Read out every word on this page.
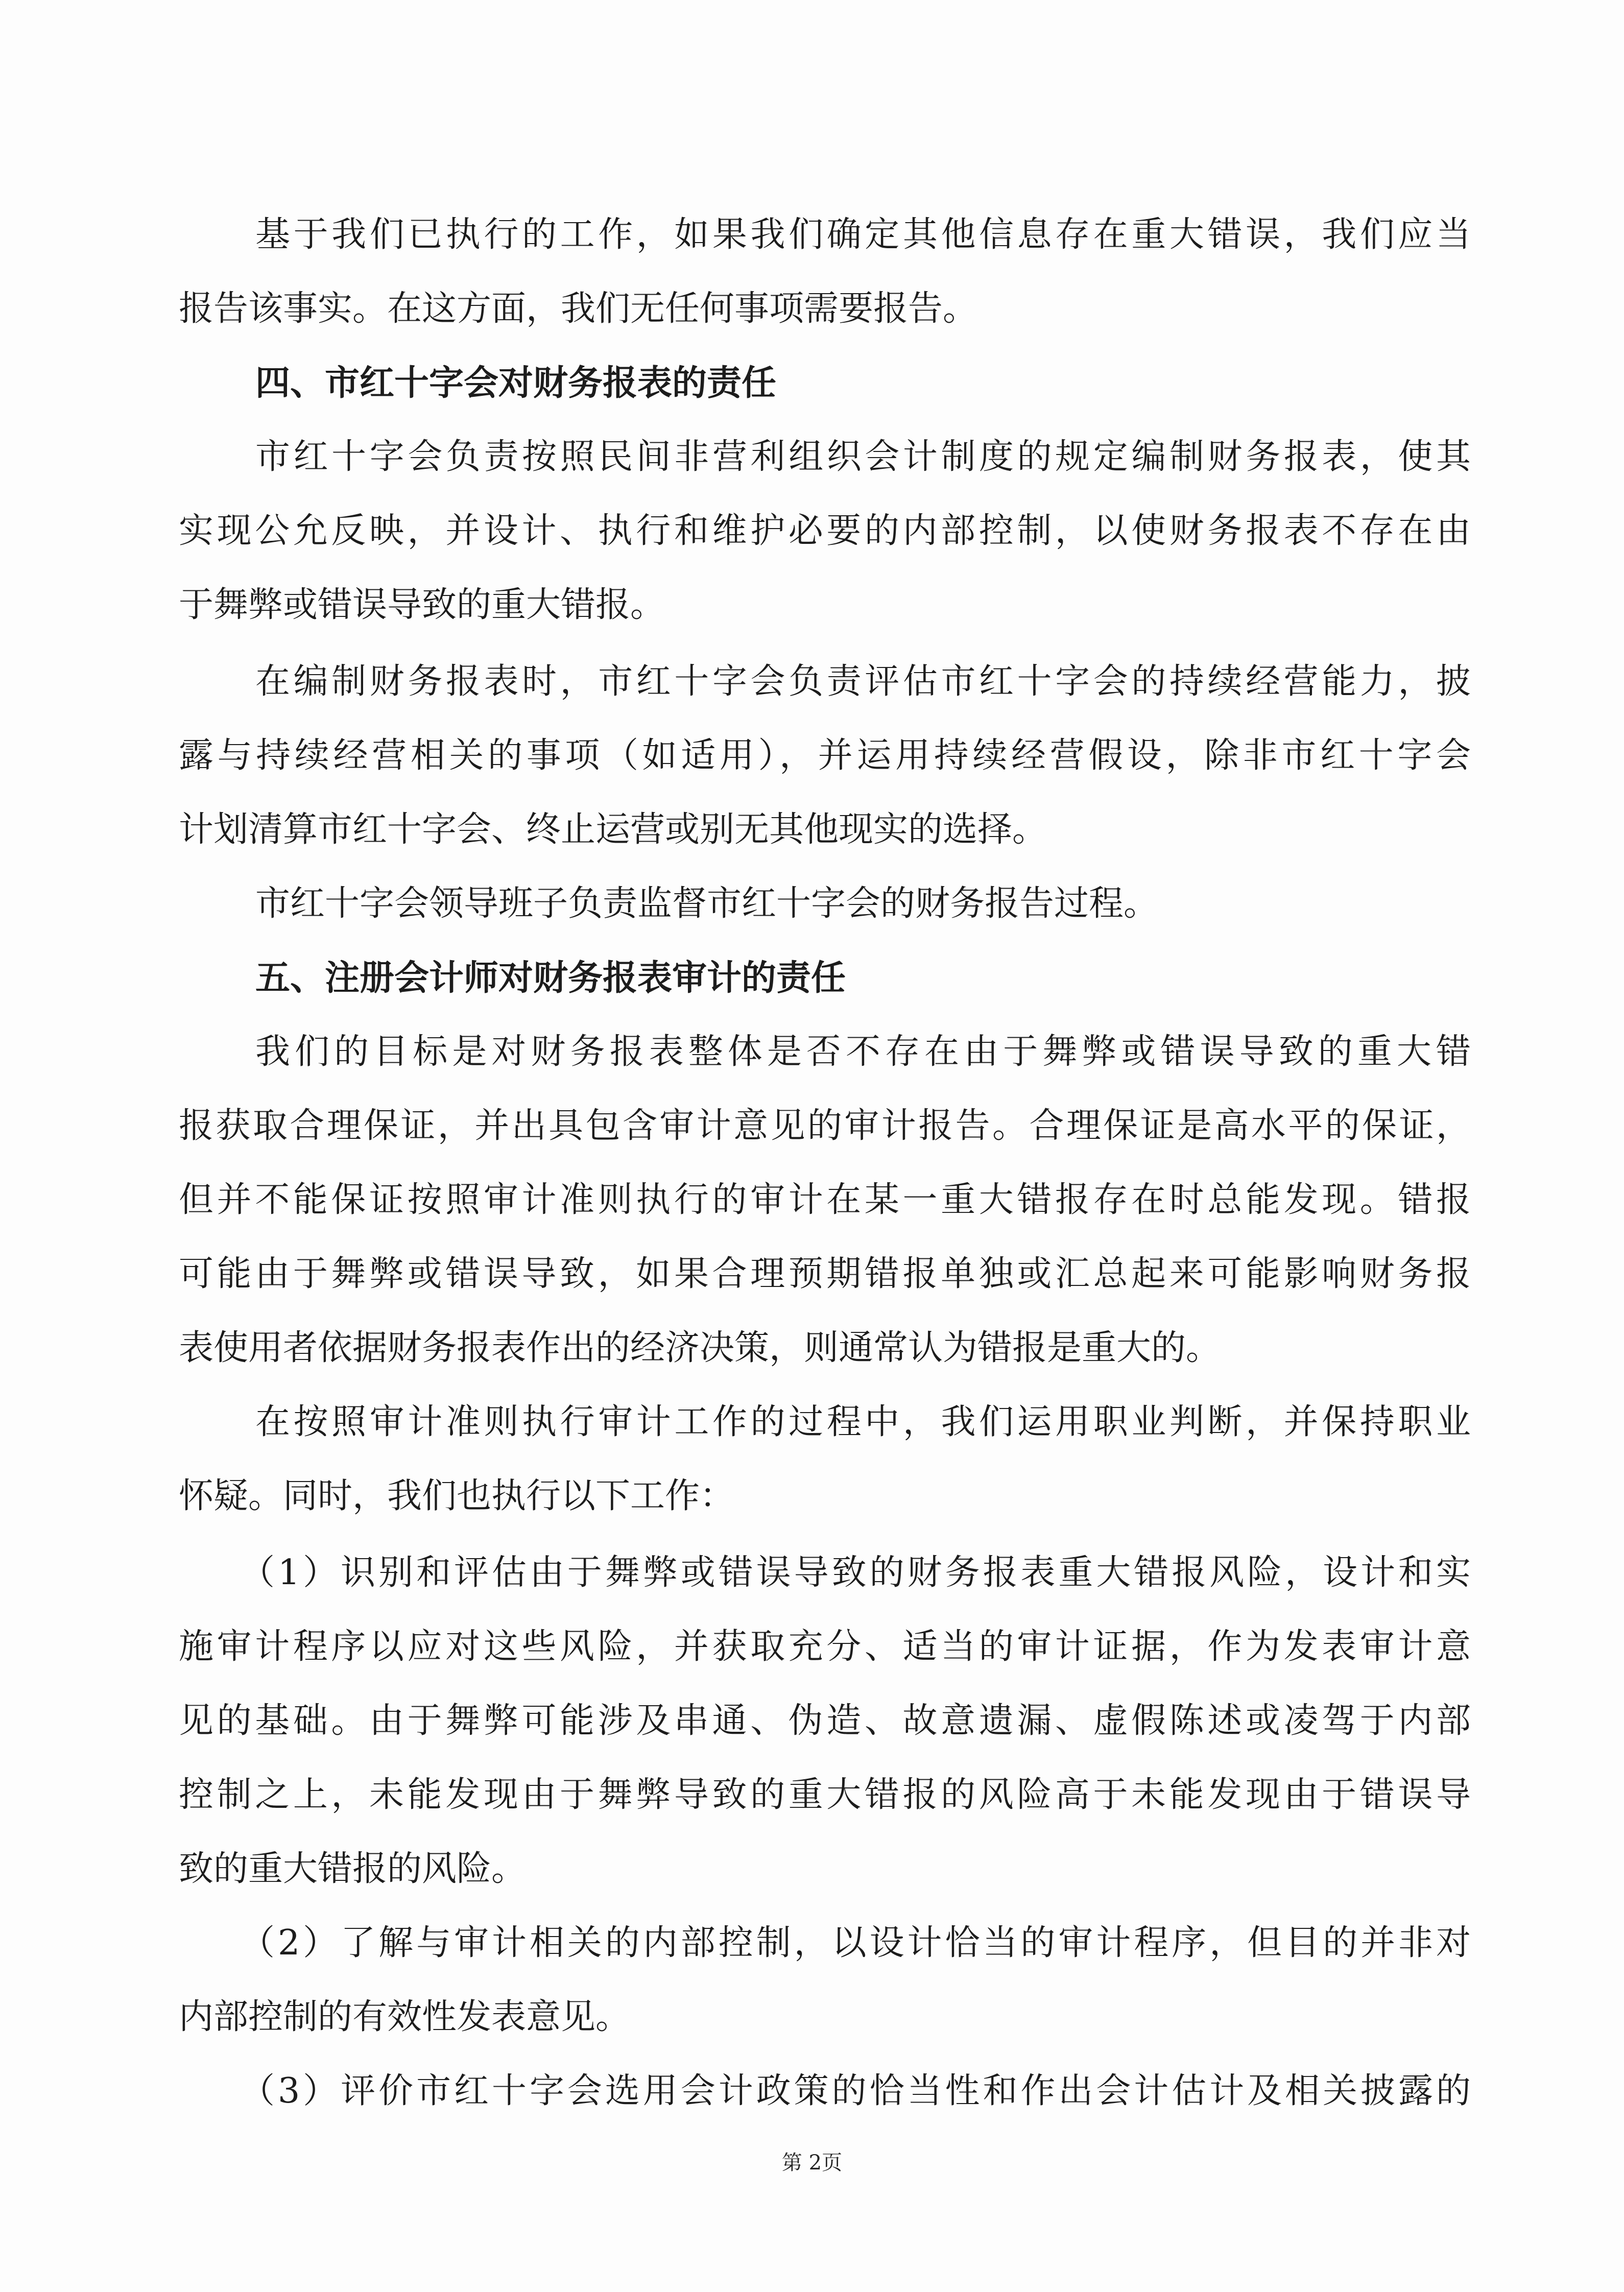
基于我们已执行的工作，如果我们确定其他信息存在重大错误，我们应当
报告该事实。在这方面，我们无任何事项需要报告。
四、市红十字会对财务报表的责任
市红十字会负责按照民间非营利组织会计制度的规定编制财务报表，使其
实现公允反映，并设计、执行和维护必要的内部控制，以使财务报表不存在由
于舞弊或错误导致的重大错报。
在编制财务报表时，市红十字会负责评估市红十字会的持续经营能力，披
露与持续经营相关的事项（如适用），并运用持续经营假设，除非市红十字会
计划清算市红十字会、终止运营或别无其他现实的选择。
市红十字会领导班子负责监督市红十字会的财务报告过程。
五、注册会计师对财务报表审计的责任
我们的目标是对财务报表整体是否不存在由于舞弊或错误导致的重大错
报获取合理保证，并出具包含审计意见的审计报告。合理保证是高水平的保证，
但并不能保证按照审计准则执行的审计在某一重大错报存在时总能发现。错报
可能由于舞弊或错误导致，如果合理预期错报单独或汇总起来可能影响财务报
表使用者依据财务报表作出的经济决策，则通常认为错报是重大的。
在按照审计准则执行审计工作的过程中，我们运用职业判断，并保持职业
怀疑。同时，我们也执行以下工作：
（1）识别和评估由于舞弊或错误导致的财务报表重大错报风险，设计和实
施审计程序以应对这些风险，并获取充分、适当的审计证据，作为发表审计意
见的基础。由于舞弊可能涉及串通、伪造、故意遗漏、虚假陈述或凌驾于内部
控制之上，未能发现由于舞弊导致的重大错报的风险高于未能发现由于错误导
致的重大错报的风险。
（2）了解与审计相关的内部控制，以设计恰当的审计程序，但目的并非对
内部控制的有效性发表意见。
（3）评价市红十字会选用会计政策的恰当性和作出会计估计及相关披露的
第 2页
